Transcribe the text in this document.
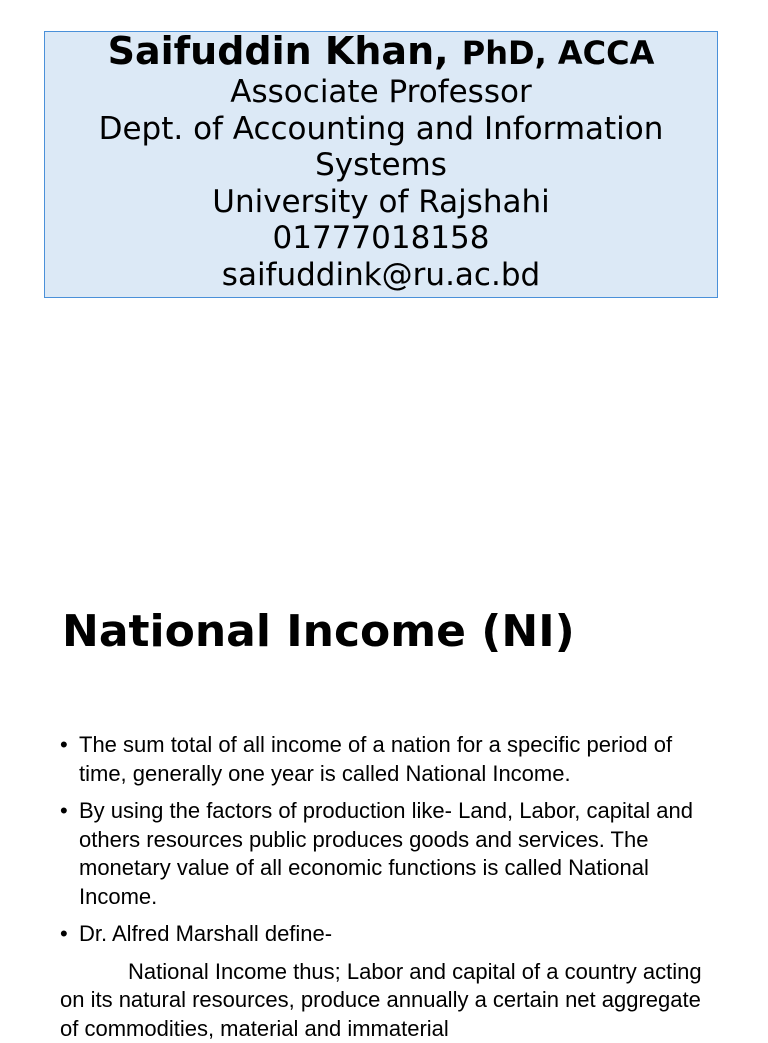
Saifuddin Khan, PhD, ACCA
Associate Professor
Dept. of Accounting and Information Systems
University of Rajshahi
01777018158
saifuddink@ru.ac.bd
National Income (NI)
• The sum total of all income of a nation for a specific period of time, generally one year is called National Income.
• By using the factors of production like- Land, Labor, capital and others resources public produces goods and services. The monetary value of all economic functions is called National Income.
• Dr. Alfred Marshall define-

National Income thus; Labor and capital of a country acting on its natural resources, produce annually a certain net aggregate of commodities, material and immaterial
